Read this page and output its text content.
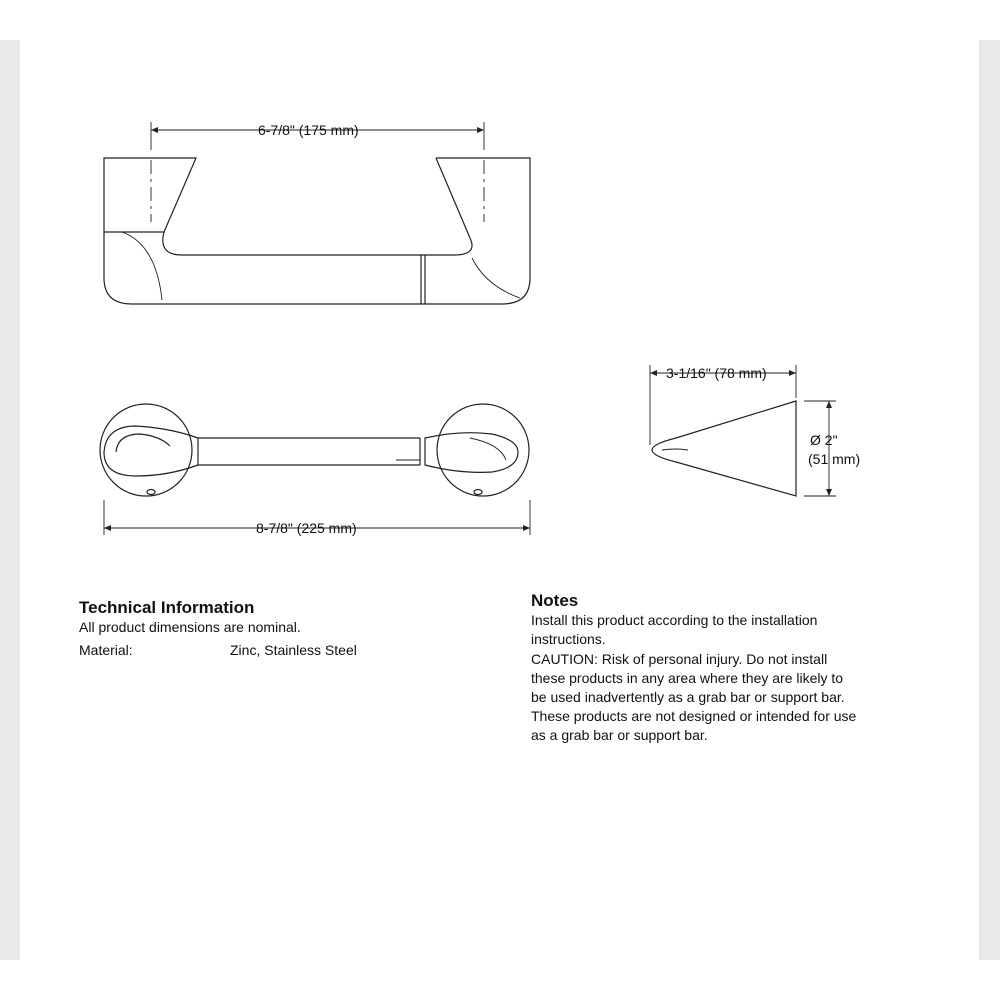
6-7/8" (175 mm)
8-7/8" (225 mm)
3-1/16" (78 mm)
Ø 2"
(51 mm)
Technical Information

All product dimensions are nominal.

Material:	Zinc, Stainless Steel
Notes

Install this product according to the installation instructions.

CAUTION: Risk of personal injury. Do not install these products in any area where they are likely to be used inadvertently as a grab bar or support bar. These products are not designed or intended for use as a grab bar or support bar.
